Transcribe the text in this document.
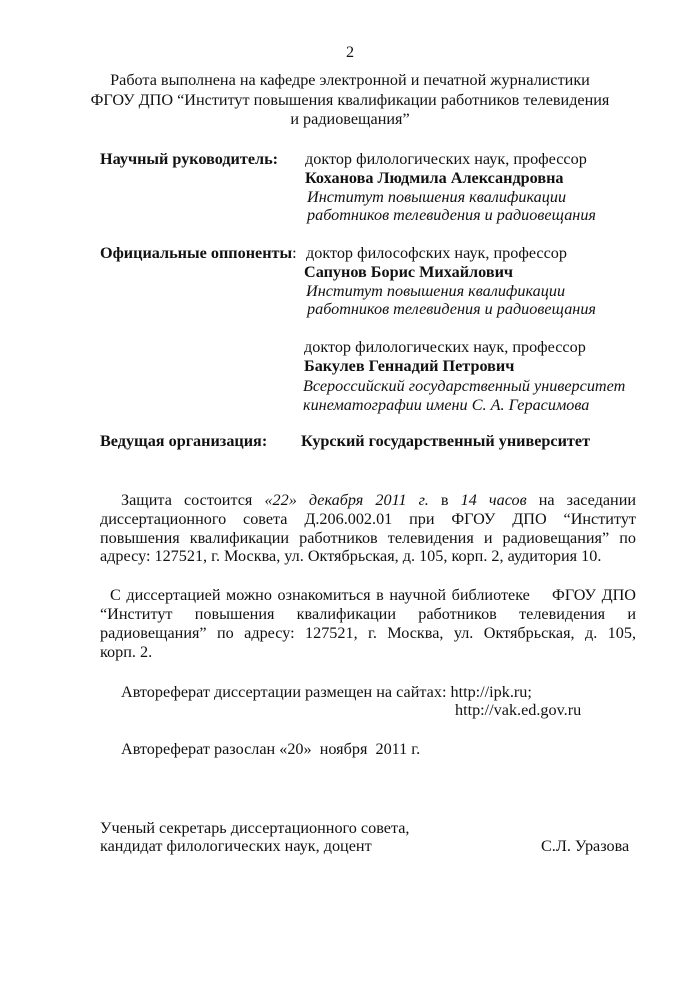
2
Работа выполнена на кафедре электронной и печатной журналистики
ФГОУ ДПО “Институт повышения квалификации работников телевидения
и радиовещания”
Научный руководитель: доктор филологических наук, профессор
Коханова Людмила Александровна
Институт повышения квалификации
работников телевидения и радиовещания
Официальные оппоненты: доктор философских наук, профессор
Сапунов Борис Михайлович
Институт повышения квалификации
работников телевидения и радиовещания
доктор филологических наук, профессор
Бакулев Геннадий Петрович
Всероссийский государственный университет
кинематографии имени С. А. Герасимова
Ведущая организация: Курский государственный университет
Защита состоится «22» декабря 2011 г. в 14 часов на заседании
диссертационного совета Д.206.002.01 при ФГОУ ДПО “Институт
повышения квалификации работников телевидения и радиовещания” по
адресу: 127521, г. Москва, ул. Октябрьская, д. 105, корп. 2, аудитория 10.
С диссертацией можно ознакомиться в научной библиотеке    ФГОУ ДПО
“Институт повышения квалификации работников телевидения и
радиовещания” по адресу: 127521, г. Москва, ул. Октябрьская, д. 105,
корп. 2.
Автореферат диссертации размещен на сайтах: http://ipk.ru;
http://vak.ed.gov.ru
Автореферат разослан «20»  ноября  2011 г.
Ученый секретарь диссертационного совета,
кандидат филологических наук, доцент	С.Л. Уразова
